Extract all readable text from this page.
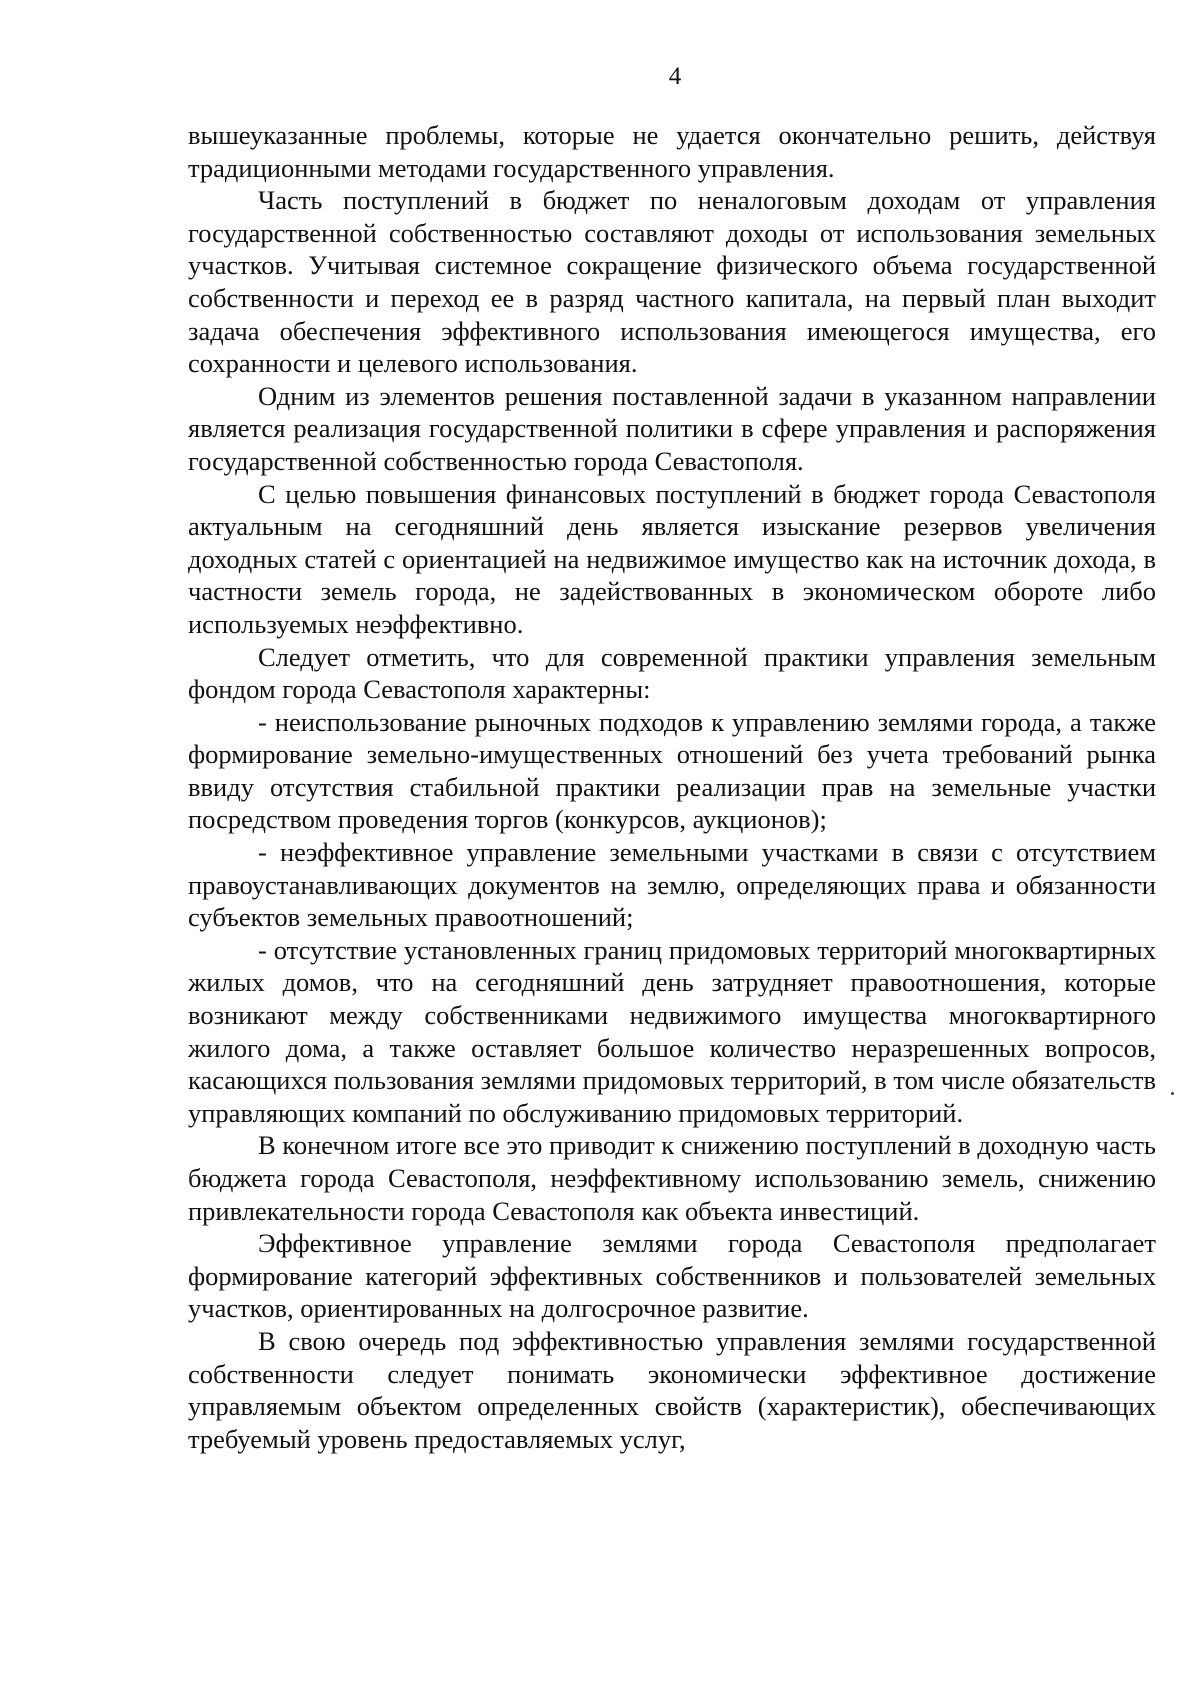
4

вышеуказанные проблемы, которые не удается окончательно решить, действуя традиционными методами государственного управления.

Часть поступлений в бюджет по неналоговым доходам от управления государственной собственностью составляют доходы от использования земельных участков. Учитывая системное сокращение физического объема государственной собственности и переход ее в разряд частного капитала, на первый план выходит задача обеспечения эффективного использования имеющегося имущества, его сохранности и целевого использования.

Одним из элементов решения поставленной задачи в указанном направлении является реализация государственной политики в сфере управления и распоряжения государственной собственностью города Севастополя.

С целью повышения финансовых поступлений в бюджет города Севастополя актуальным на сегодняшний день является изыскание резервов увеличения доходных статей с ориентацией на недвижимое имущество как на источник дохода, в частности земель города, не задействованных в экономическом обороте либо используемых неэффективно.

Следует отметить, что для современной практики управления земельным фондом города Севастополя характерны:

- неиспользование рыночных подходов к управлению землями города, а также формирование земельно-имущественных отношений без учета требований рынка ввиду отсутствия стабильной практики реализации прав на земельные участки посредством проведения торгов (конкурсов, аукционов);

- неэффективное управление земельными участками в связи с отсутствием правоустанавливающих документов на землю, определяющих права и обязанности субъектов земельных правоотношений;

- отсутствие установленных границ придомовых территорий многоквартирных жилых домов, что на сегодняшний день затрудняет правоотношения, которые возникают между собственниками недвижимого имущества многоквартирного жилого дома, а также оставляет большое количество неразрешенных вопросов, касающихся пользования землями придомовых территорий, в том числе обязательств управляющих компаний по обслуживанию придомовых территорий.

В конечном итоге все это приводит к снижению поступлений в доходную часть бюджета города Севастополя, неэффективному использованию земель, снижению привлекательности города Севастополя как объекта инвестиций.

Эффективное управление землями города Севастополя предполагает формирование категорий эффективных собственников и пользователей земельных участков, ориентированных на долгосрочное развитие.

В свою очередь под эффективностью управления землями государственной собственности следует понимать экономически эффективное достижение управляемым объектом определенных свойств (характеристик), обеспечивающих требуемый уровень предоставляемых услуг,
